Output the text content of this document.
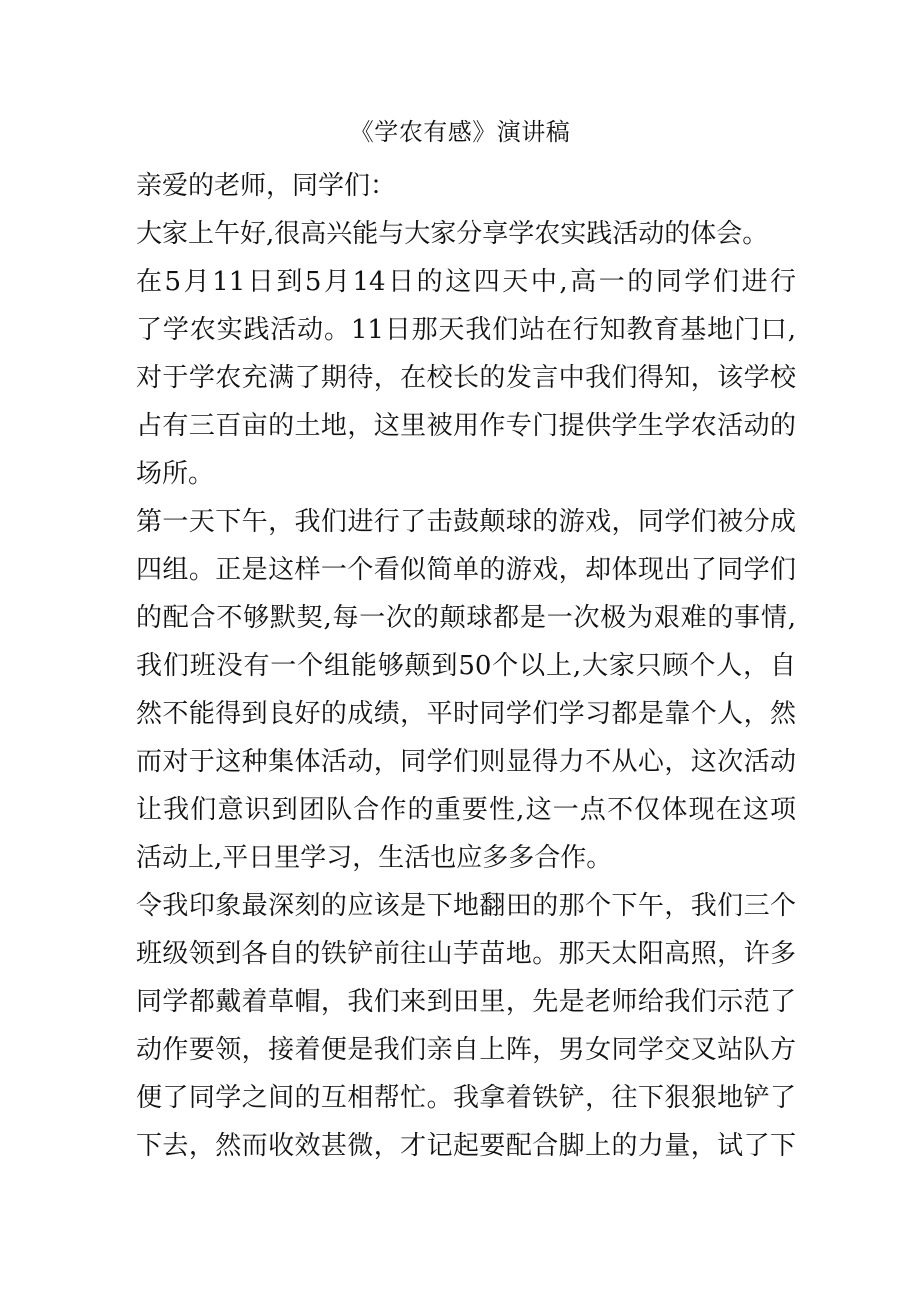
《学农有感》演讲稿
亲爱的老师，同学们：
大家上午好,很高兴能与大家分享学农实践活动的体会。
在5月11日到5月14日的这四天中,高一的同学们进行
了学农实践活动。11日那天我们站在行知教育基地门口,
对于学农充满了期待，在校长的发言中我们得知，该学校
占有三百亩的土地，这里被用作专门提供学生学农活动的
场所。
第一天下午，我们进行了击鼓颠球的游戏，同学们被分成
四组。正是这样一个看似简单的游戏，却体现出了同学们
的配合不够默契,每一次的颠球都是一次极为艰难的事情,
我们班没有一个组能够颠到50个以上,大家只顾个人，自
然不能得到良好的成绩，平时同学们学习都是靠个人，然
而对于这种集体活动，同学们则显得力不从心，这次活动
让我们意识到团队合作的重要性,这一点不仅体现在这项
活动上,平日里学习，生活也应多多合作。
令我印象最深刻的应该是下地翻田的那个下午，我们三个
班级领到各自的铁铲前往山芋苗地。那天太阳高照，许多
同学都戴着草帽，我们来到田里，先是老师给我们示范了
动作要领，接着便是我们亲自上阵，男女同学交叉站队方
便了同学之间的互相帮忙。我拿着铁铲，往下狠狠地铲了
下去，然而收效甚微，才记起要配合脚上的力量，试了下
